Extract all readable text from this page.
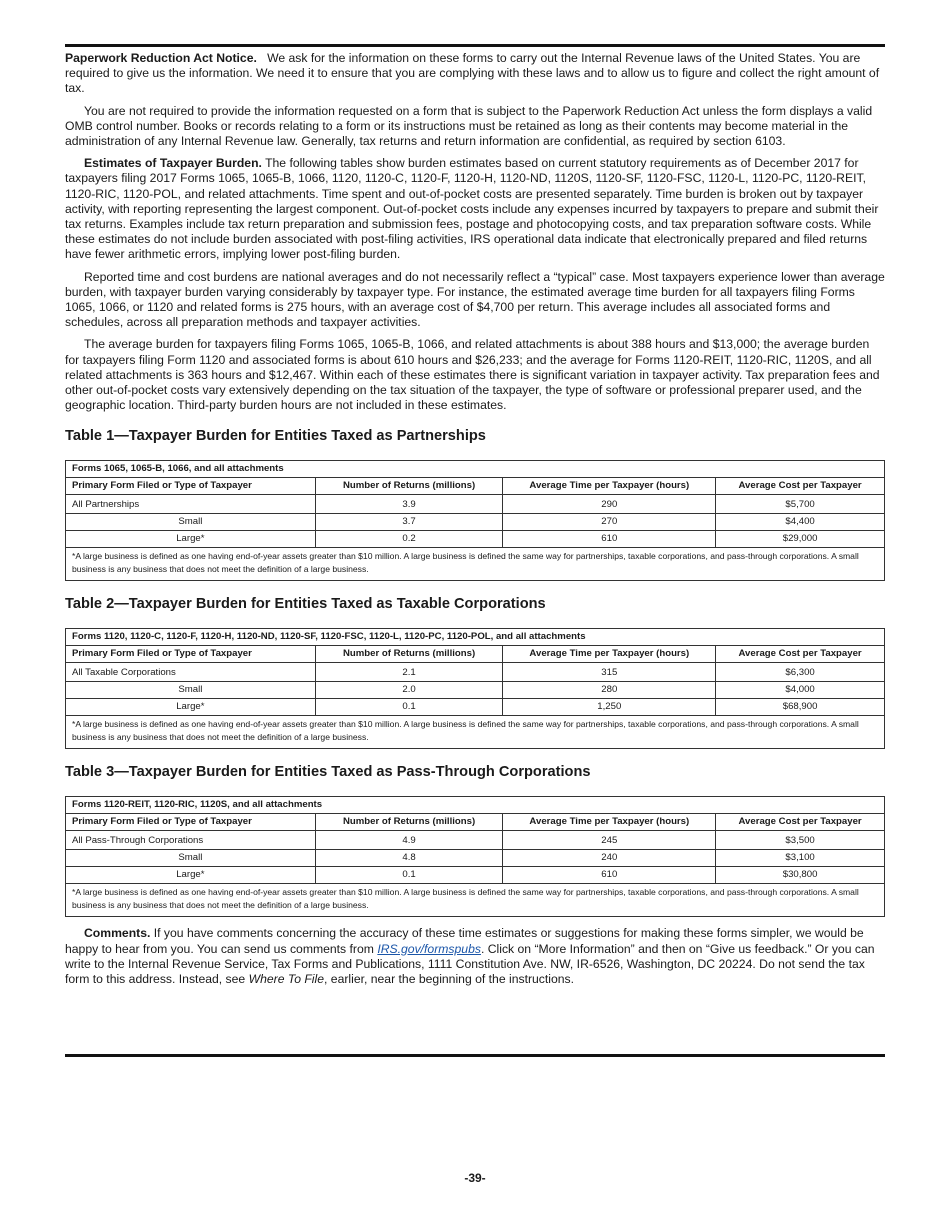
Paperwork Reduction Act Notice. We ask for the information on these forms to carry out the Internal Revenue laws of the United States. You are required to give us the information. We need it to ensure that you are complying with these laws and to allow us to figure and collect the right amount of tax.

You are not required to provide the information requested on a form that is subject to the Paperwork Reduction Act unless the form displays a valid OMB control number. Books or records relating to a form or its instructions must be retained as long as their contents may become material in the administration of any Internal Revenue law. Generally, tax returns and return information are confidential, as required by section 6103.

Estimates of Taxpayer Burden. The following tables show burden estimates based on current statutory requirements as of December 2017 for taxpayers filing 2017 Forms 1065, 1065-B, 1066, 1120, 1120-C, 1120-F, 1120-H, 1120-ND, 1120S, 1120-SF, 1120-FSC, 1120-L, 1120-PC, 1120-REIT, 1120-RIC, 1120-POL, and related attachments. Time spent and out-of-pocket costs are presented separately. Time burden is broken out by taxpayer activity, with reporting representing the largest component. Out-of-pocket costs include any expenses incurred by taxpayers to prepare and submit their tax returns. Examples include tax return preparation and submission fees, postage and photocopying costs, and tax preparation software costs. While these estimates do not include burden associated with post-filing activities, IRS operational data indicate that electronically prepared and filed returns have fewer arithmetic errors, implying lower post-filing burden.

Reported time and cost burdens are national averages and do not necessarily reflect a “typical” case. Most taxpayers experience lower than average burden, with taxpayer burden varying considerably by taxpayer type. For instance, the estimated average time burden for all taxpayers filing Forms 1065, 1066, or 1120 and related forms is 275 hours, with an average cost of $4,700 per return. This average includes all associated forms and schedules, across all preparation methods and taxpayer activities.

The average burden for taxpayers filing Forms 1065, 1065-B, 1066, and related attachments is about 388 hours and $13,000; the average burden for taxpayers filing Form 1120 and associated forms is about 610 hours and $26,233; and the average for Forms 1120-REIT, 1120-RIC, 1120S, and all related attachments is 363 hours and $12,467. Within each of these estimates there is significant variation in taxpayer activity. Tax preparation fees and other out-of-pocket costs vary extensively depending on the tax situation of the taxpayer, the type of software or professional preparer used, and the geographic location. Third-party burden hours are not included in these estimates.

Table 1—Taxpayer Burden for Entities Taxed as Partnerships
Forms 1065, 1065-B, 1066, and all attachments			
Primary Form Filed or Type of Taxpayer	Number of Returns (millions)	Average Time per Taxpayer (hours)	Average Cost per Taxpayer
All Partnerships	3.9	290	$5,700
Small	3.7	270	$4,400
Large*	0.2	610	$29,000
*A large business is defined as one having end-of-year assets greater than $10 million. A large business is defined the same way for partnerships, taxable corporations, and pass-through corporations. A small business is any business that does not meet the definition of a large business.			
Table 2—Taxpayer Burden for Entities Taxed as Taxable Corporations
Forms 1120, 1120-C, 1120-F, 1120-H, 1120-ND, 1120-SF, 1120-FSC, 1120-L, 1120-PC, 1120-POL, and all attachments			
Primary Form Filed or Type of Taxpayer	Number of Returns (millions)	Average Time per Taxpayer (hours)	Average Cost per Taxpayer
All Taxable Corporations	2.1	315	$6,300
Small	2.0	280	$4,000
Large*	0.1	1,250	$68,900
*A large business is defined as one having end-of-year assets greater than $10 million. A large business is defined the same way for partnerships, taxable corporations, and pass-through corporations. A small business is any business that does not meet the definition of a large business.			
Table 3—Taxpayer Burden for Entities Taxed as Pass-Through Corporations
Forms 1120-REIT, 1120-RIC, 1120S, and all attachments			
Primary Form Filed or Type of Taxpayer	Number of Returns (millions)	Average Time per Taxpayer (hours)	Average Cost per Taxpayer
All Pass-Through Corporations	4.9	245	$3,500
Small	4.8	240	$3,100
Large*	0.1	610	$30,800
*A large business is defined as one having end-of-year assets greater than $10 million. A large business is defined the same way for partnerships, taxable corporations, and pass-through corporations. A small business is any business that does not meet the definition of a large business.			

Comments. If you have comments concerning the accuracy of these time estimates or suggestions for making these forms simpler, we would be happy to hear from you. You can send us comments from IRS.gov/formspubs. Click on “More Information” and then on “Give us feedback.” Or you can write to the Internal Revenue Service, Tax Forms and Publications, 1111 Constitution Ave. NW, IR-6526, Washington, DC 20224. Do not send the tax form to this address. Instead, see Where To File, earlier, near the beginning of the instructions.

-39-
